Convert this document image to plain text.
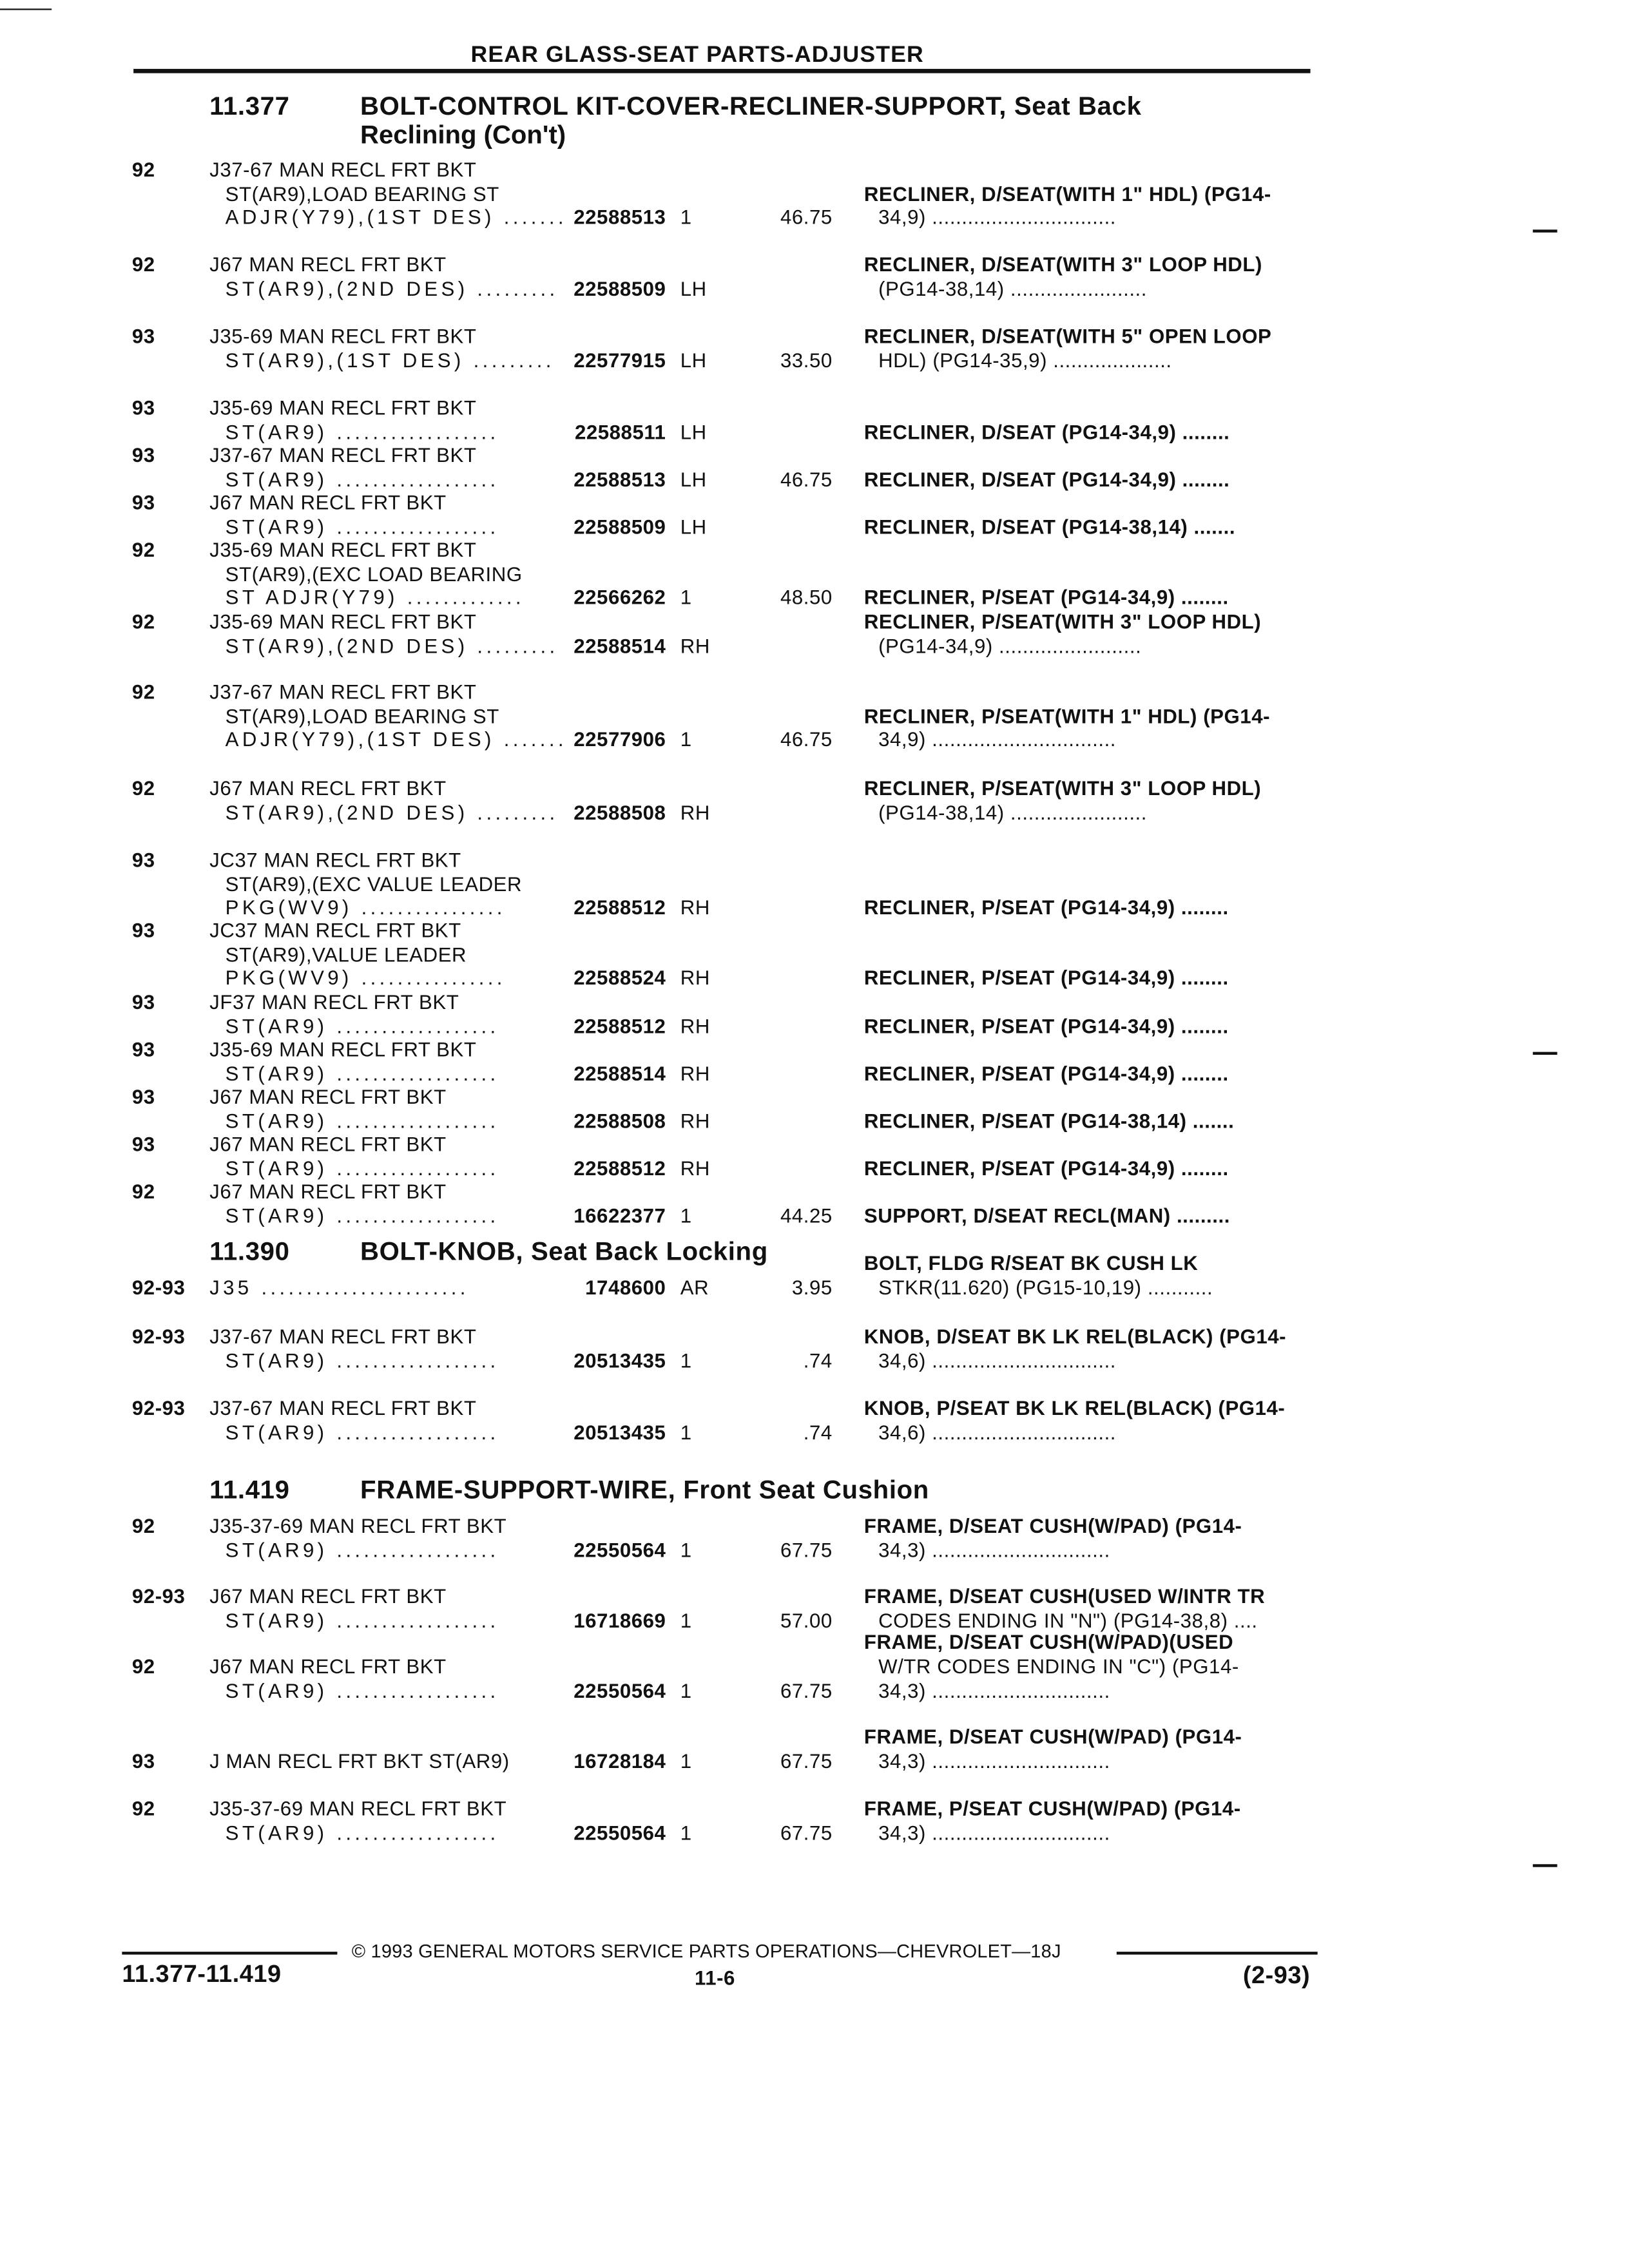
REAR GLASS-SEAT PARTS-ADJUSTER
11.377	BOLT-CONTROL KIT-COVER-RECLINER-SUPPORT, Seat Back
Reclining (Con't)
92	J37-67 MAN RECL FRT BKT
ST(AR9),LOAD BEARING ST
ADJR(Y79),(1ST DES) ....... 22588513 1	46.75
RECLINER, D/SEAT(WITH 1" HDL) (PG14-
34,9) ...............................
92	J67 MAN RECL FRT BKT
ST(AR9),(2ND DES) .........	22588509 LH
RECLINER, D/SEAT(WITH 3" LOOP HDL)
(PG14-38,14) .......................
93	J35-69 MAN RECL FRT BKT
ST(AR9),(1ST DES) .........	22577915 LH	33.50
RECLINER, D/SEAT(WITH 5" OPEN LOOP
HDL) (PG14-35,9) ....................
93	J35-69 MAN RECL FRT BKT
ST(AR9) ..................	22588511 LH	RECLINER, D/SEAT (PG14-34,9) ........
93	J37-67 MAN RECL FRT BKT
ST(AR9) ..................	22588513 LH	46.75	RECLINER, D/SEAT (PG14-34,9) ........
93	J67 MAN RECL FRT BKT
ST(AR9) ..................	22588509 LH	RECLINER, D/SEAT (PG14-38,14) .......
92	J35-69 MAN RECL FRT BKT
ST(AR9),(EXC LOAD BEARING
ST ADJR(Y79) .............	22566262 1	48.50	RECLINER, P/SEAT (PG14-34,9) ........
92	J35-69 MAN RECL FRT BKT
ST(AR9),(2ND DES) .........	22588514 RH
RECLINER, P/SEAT(WITH 3" LOOP HDL)
(PG14-34,9) ........................
92	J37-67 MAN RECL FRT BKT
ST(AR9),LOAD BEARING ST
ADJR(Y79),(1ST DES) ....... 22577906 1	46.75
RECLINER, P/SEAT(WITH 1" HDL) (PG14-
34,9) ...............................
92	J67 MAN RECL FRT BKT
ST(AR9),(2ND DES) .........	22588508 RH
RECLINER, P/SEAT(WITH 3" LOOP HDL)
(PG14-38,14) .......................
93	JC37 MAN RECL FRT BKT
ST(AR9),(EXC VALUE LEADER
PKG(WV9) ................	22588512 RH	RECLINER, P/SEAT (PG14-34,9) ........
93	JC37 MAN RECL FRT BKT
ST(AR9),VALUE LEADER
PKG(WV9) ................	22588524 RH	RECLINER, P/SEAT (PG14-34,9) ........
93	JF37 MAN RECL FRT BKT
ST(AR9) ..................	22588512 RH	RECLINER, P/SEAT (PG14-34,9) ........
93	J35-69 MAN RECL FRT BKT
ST(AR9) ..................	22588514 RH	RECLINER, P/SEAT (PG14-34,9) ........
93	J67 MAN RECL FRT BKT
ST(AR9) ..................	22588508 RH	RECLINER, P/SEAT (PG14-38,14) .......
93	J67 MAN RECL FRT BKT
ST(AR9) ..................	22588512 RH	RECLINER, P/SEAT (PG14-34,9) ........
92	J67 MAN RECL FRT BKT
ST(AR9) ..................	16622377 1	44.25	SUPPORT, D/SEAT RECL(MAN) .........
11.390	BOLT-KNOB, Seat Back Locking
92-93	J35 .......................	1748600 AR	3.95
BOLT, FLDG R/SEAT BK CUSH LK
STKR(11.620) (PG15-10,19) ...........
92-93	J37-67 MAN RECL FRT BKT
ST(AR9) ..................	20513435 1	.74
KNOB, D/SEAT BK LK REL(BLACK) (PG14-
34,6) ...............................
92-93	J37-67 MAN RECL FRT BKT
ST(AR9) ..................	20513435 1	.74
KNOB, P/SEAT BK LK REL(BLACK) (PG14-
34,6) ...............................
11.419	FRAME-SUPPORT-WIRE, Front Seat Cushion
92	J35-37-69 MAN RECL FRT BKT
ST(AR9) ..................	22550564 1	67.75
FRAME, D/SEAT CUSH(W/PAD) (PG14-
34,3) ..............................
92-93	J67 MAN RECL FRT BKT
ST(AR9) ..................	16718669 1	57.00
FRAME, D/SEAT CUSH(USED W/INTR TR
CODES ENDING IN "N") (PG14-38,8) ....
92	J67 MAN RECL FRT BKT
ST(AR9) ..................	22550564 1	67.75
FRAME, D/SEAT CUSH(W/PAD)(USED
W/TR CODES ENDING IN "C") (PG14-
34,3) ..............................
93	J MAN RECL FRT BKT ST(AR9)	16728184 1	67.75
FRAME, D/SEAT CUSH(W/PAD) (PG14-
34,3) ..............................
92	J35-37-69 MAN RECL FRT BKT
ST(AR9) ..................	22550564 1	67.75
FRAME, P/SEAT CUSH(W/PAD) (PG14-
34,3) ..............................
© 1993 GENERAL MOTORS SERVICE PARTS OPERATIONS—CHEVROLET—18J
11.377-11.419	11-6	(2-93)
